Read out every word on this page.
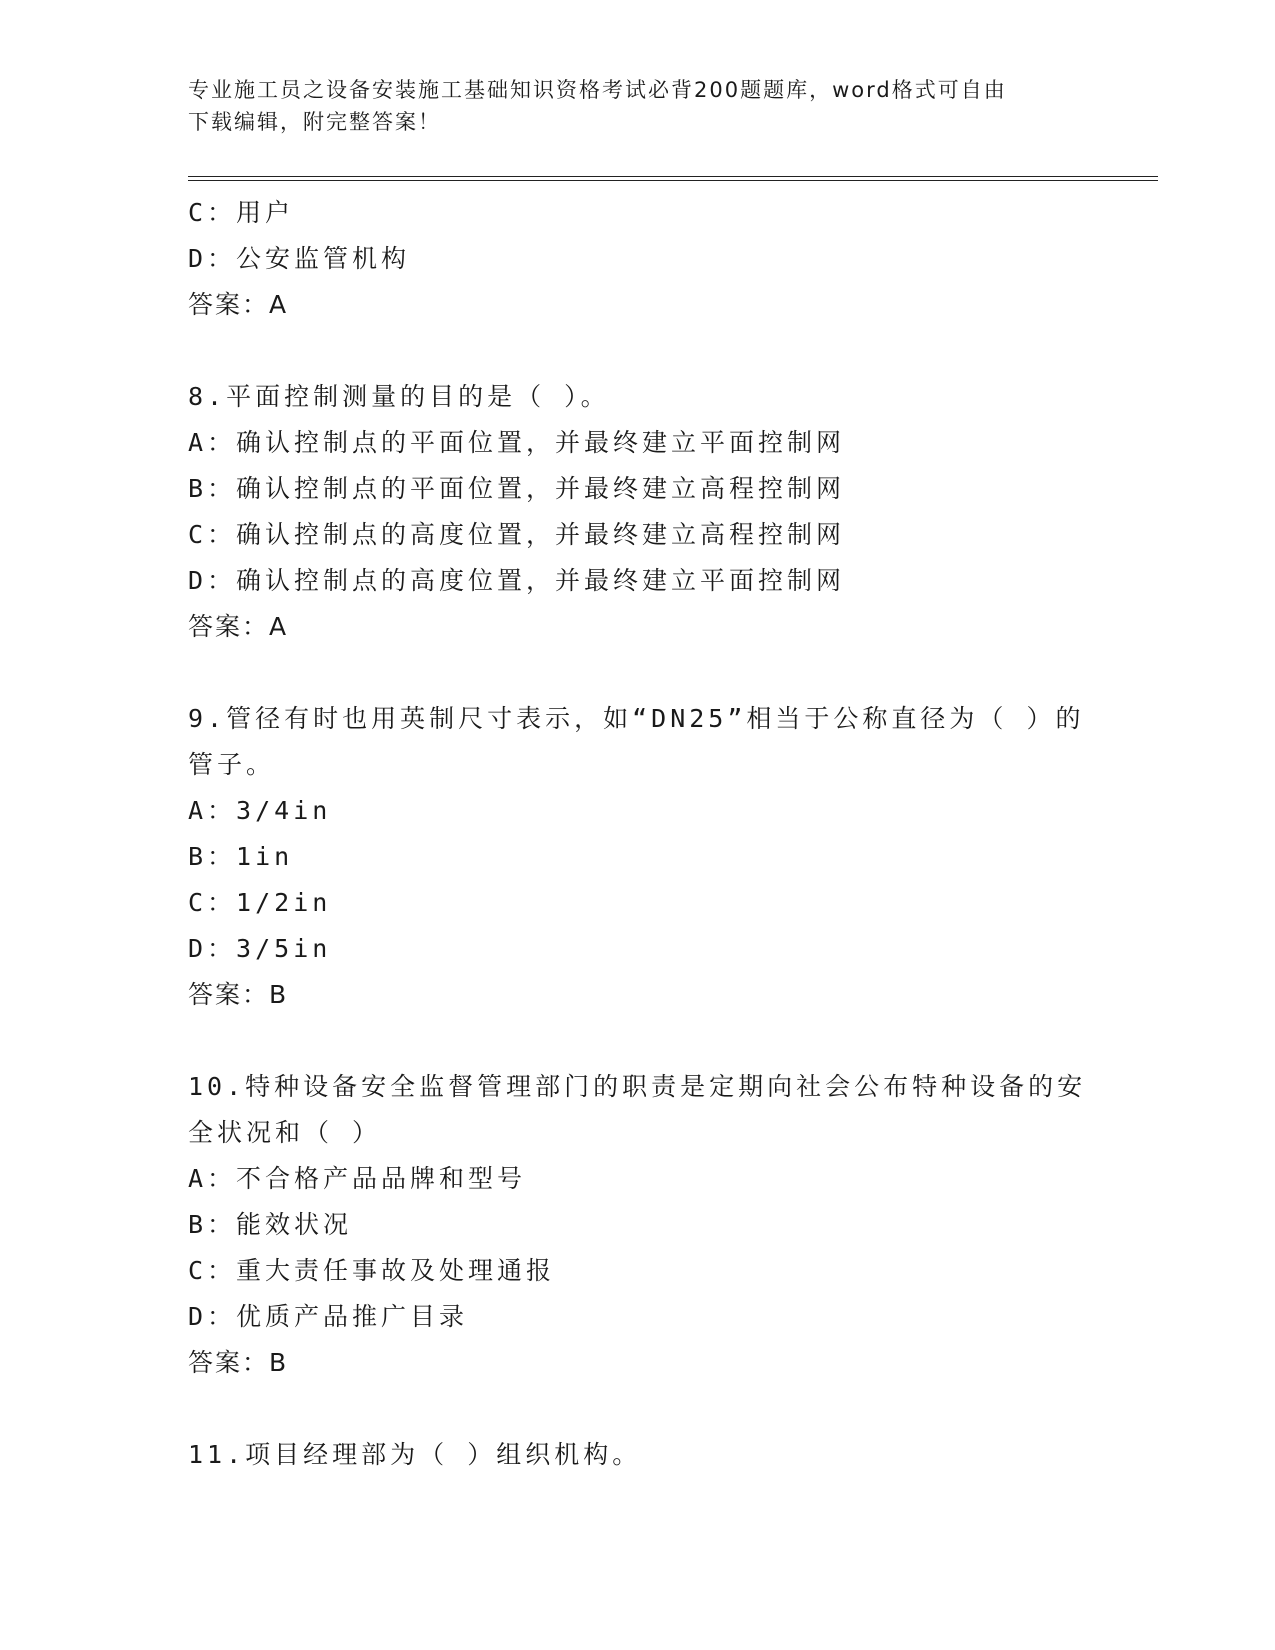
专业施工员之设备安装施工基础知识资格考试必背200题题库，word格式可自由
下载编辑，附完整答案！
C：用户
D：公安监管机构
答案：A
8.平面控制测量的目的是（ ）。
A：确认控制点的平面位置，并最终建立平面控制网
B：确认控制点的平面位置，并最终建立高程控制网
C：确认控制点的高度位置，并最终建立高程控制网
D：确认控制点的高度位置，并最终建立平面控制网
答案：A
9.管径有时也用英制尺寸表示，如“DN25”相当于公称直径为（ ）的
管子。
A：3/4in
B：1in
C：1/2in
D：3/5in
答案：B
10.特种设备安全监督管理部门的职责是定期向社会公布特种设备的安
全状况和（ ）
A：不合格产品品牌和型号
B：能效状况
C：重大责任事故及处理通报
D：优质产品推广目录
答案：B
11.项目经理部为（ ）组织机构。
